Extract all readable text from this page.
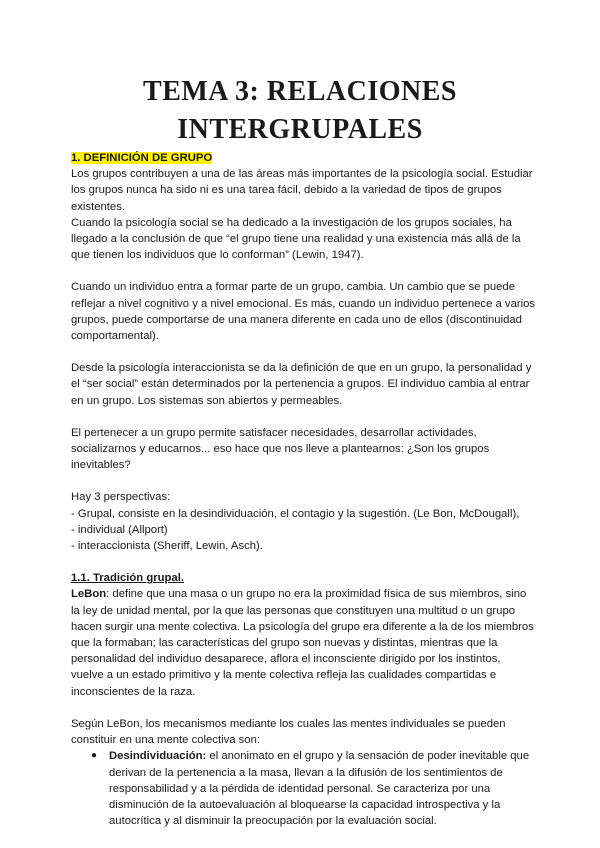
TEMA 3: RELACIONES
INTERGRUPALES

1. DEFINICIÓN DE GRUPO

Los grupos contribuyen a una de las áreas más importantes de la psicología social. Estudiar los grupos nunca ha sido ni es una tarea fácil, debido a la variedad de tipos de grupos existentes.

Cuando la psicología social se ha dedicado a la investigación de los grupos sociales, ha llegado a la conclusión de que “el grupo tiene una realidad y una existencia más allá de la que tienen los individuos que lo conforman” (Lewin, 1947).

Cuando un individuo entra a formar parte de un grupo, cambia. Un cambio que se puede reflejar a nivel cognitivo y a nivel emocional. Es más, cuando un individuo pertenece a varios grupos, puede comportarse de una manera diferente en cada uno de ellos (discontinuidad comportamental).

Desde la psicología interaccionista se da la definición de que en un grupo, la personalidad y el “ser social” están determinados por la pertenencia a grupos. El individuo cambia al entrar en un grupo. Los sistemas son abiertos y permeables.

El pertenecer a un grupo permite satisfacer necesidades, desarrollar actividades, socializarnos y educarnos... eso hace que nos lleve a plantearnos: ¿Son los grupos inevitables?

Hay 3 perspectivas:

- Grupal, consiste en la desindividuación, el contagio y la sugestión. (Le Bon, McDougall),

- individual (Allport)

- interaccionista (Sheriff, Lewin, Asch).

1.1. Tradición grupal.

LeBon: define que una masa o un grupo no era la proximidad física de sus miembros, sino la ley de unidad mental, por la que las personas que constituyen una multitud o un grupo hacen surgir una mente colectiva. La psicología del grupo era diferente a la de los miembros que la formaban; las características del grupo son nuevas y distintas, mientras que la personalidad del individuo desaparece, aflora el inconsciente dirigido por los instintos, vuelve a un estado primitivo y la mente colectiva refleja las cualidades compartidas e inconscientes de la raza.

Según LeBon, los mecanismos mediante los cuales las mentes individuales se pueden constituir en una mente colectiva son:

● Desindividuación: el anonimato en el grupo y la sensación de poder inevitable que derivan de la pertenencia a la masa, llevan a la difusión de los sentimientos de responsabilidad y a la pérdida de identidad personal. Se caracteriza por una disminución de la autoevaluación al bloquearse la capacidad introspectiva y la autocrítica y al disminuir la preocupación por la evaluación social.
